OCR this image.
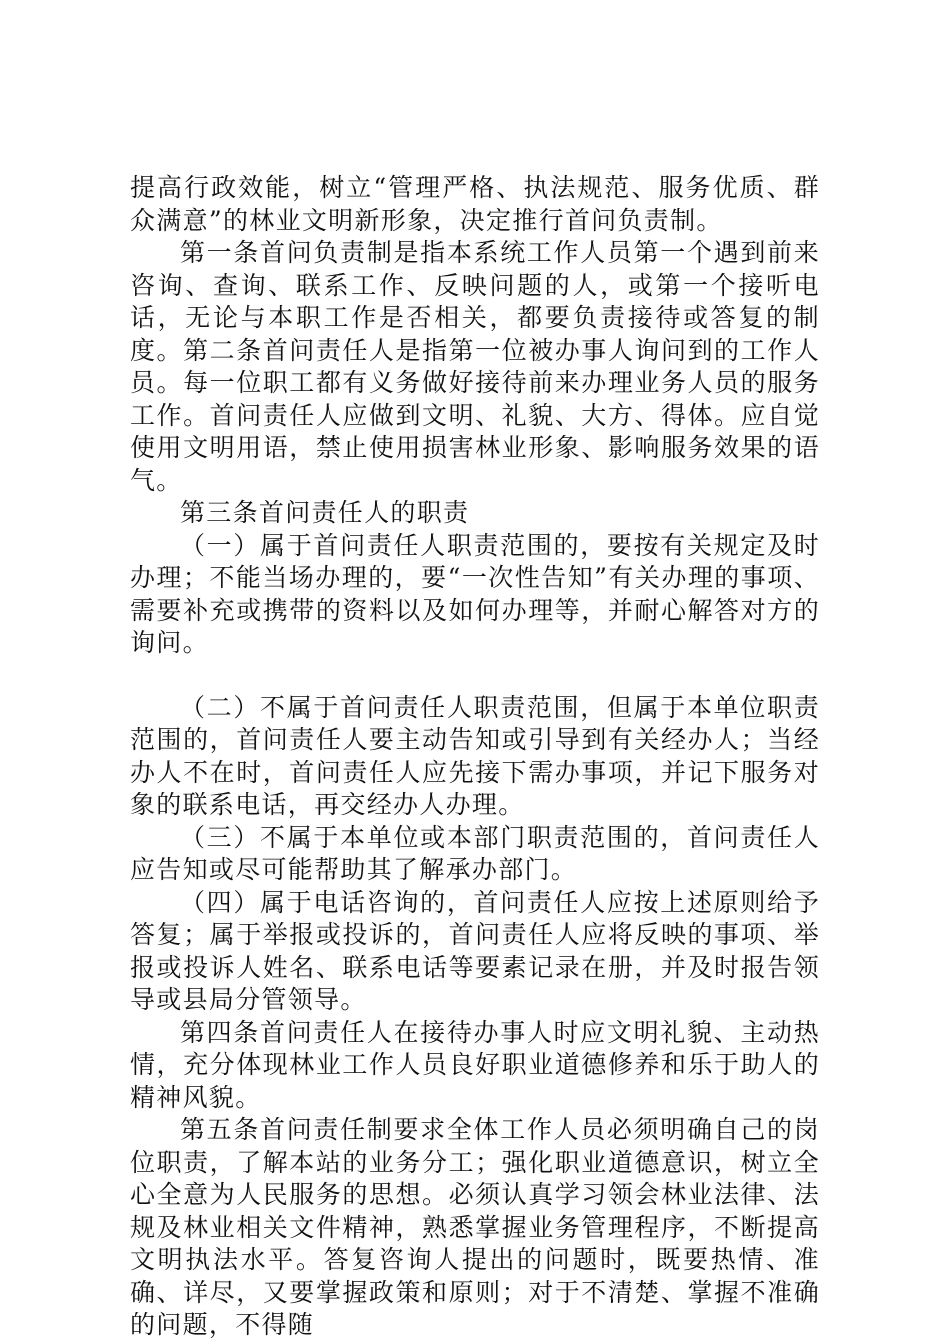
提高行政效能，树立“管理严格、执法规范、服务优质、群众满意”的林业文明新形象，决定推行首问负责制。

第一条首问负责制是指本系统工作人员第一个遇到前来咨询、查询、联系工作、反映问题的人，或第一个接听电话，无论与本职工作是否相关，都要负责接待或答复的制度。第二条首问责任人是指第一位被办事人询问到的工作人员。每一位职工都有义务做好接待前来办理业务人员的服务工作。首问责任人应做到文明、礼貌、大方、得体。应自觉使用文明用语，禁止使用损害林业形象、影响服务效果的语气。

第三条首问责任人的职责

（一）属于首问责任人职责范围的，要按有关规定及时办理；不能当场办理的，要“一次性告知”有关办理的事项、需要补充或携带的资料以及如何办理等，并耐心解答对方的询问。

（二）不属于首问责任人职责范围，但属于本单位职责范围的，首问责任人要主动告知或引导到有关经办人；当经办人不在时，首问责任人应先接下需办事项，并记下服务对象的联系电话，再交经办人办理。

（三）不属于本单位或本部门职责范围的，首问责任人应告知或尽可能帮助其了解承办部门。

（四）属于电话咨询的，首问责任人应按上述原则给予答复；属于举报或投诉的，首问责任人应将反映的事项、举报或投诉人姓名、联系电话等要素记录在册，并及时报告领导或县局分管领导。

第四条首问责任人在接待办事人时应文明礼貌、主动热情，充分体现林业工作人员良好职业道德修养和乐于助人的精神风貌。

第五条首问责任制要求全体工作人员必须明确自己的岗位职责，了解本站的业务分工；强化职业道德意识，树立全心全意为人民服务的思想。必须认真学习领会林业法律、法规及林业相关文件精神，熟悉掌握业务管理程序，不断提高文明执法水平。答复咨询人提出的问题时，既要热情、准确、详尽，又要掌握政策和原则；对于不清楚、掌握不准确的问题，不得随
